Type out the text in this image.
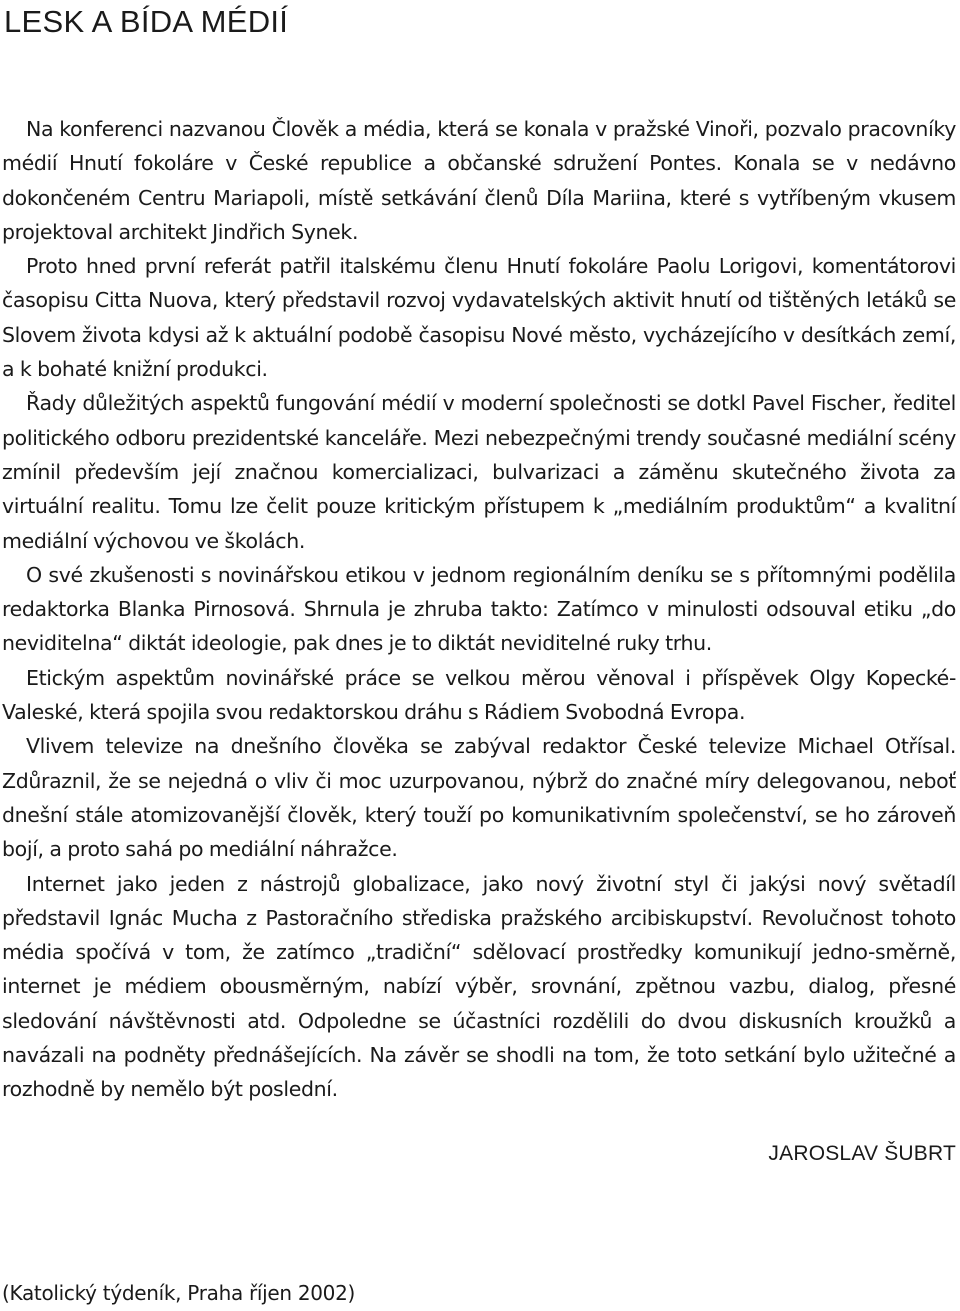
LESK A BÍDA MÉDIÍ

Na konferenci nazvanou Člověk a média, která se konala v pražské Vinoři, pozvalo pracovníky médií Hnutí fokoláre v České republice a občanské sdružení Pontes. Konala se v nedávno dokončeném Centru Mariapoli, místě setkávání členů Díla Mariina, které s vytříbeným vkusem projektoval architekt Jindřich Synek.

Proto hned první referát patřil italskému členu Hnutí fokoláre Paolu Lorigovi, komentátorovi časopisu Citta Nuova, který představil rozvoj vydavatelských aktivit hnutí od tištěných letáků se Slovem života kdysi až k aktuální podobě časopisu Nové město, vycházejícího v desítkách zemí, a k bohaté knižní produkci.

Řady důležitých aspektů fungování médií v moderní společnosti se dotkl Pavel Fischer, ředitel politického odboru prezidentské kanceláře. Mezi nebezpečnými trendy současné mediální scény zmínil především její značnou komercializaci, bulvarizaci a záměnu skutečného života za virtuální realitu. Tomu lze čelit pouze kritickým přístupem k „mediálním produktům“ a kvalitní mediální výchovou ve školách.

O své zkušenosti s novinářskou etikou v jednom regionálním deníku se s přítomnými podělila redaktorka Blanka Pirnosová. Shrnula je zhruba takto: Zatímco v minulosti odsouval etiku „do neviditelna“ diktát ideologie, pak dnes je to diktát neviditelné ruky trhu.

Etickým aspektům novinářské práce se velkou měrou věnoval i příspěvek Olgy Kopecké-Valeské, která spojila svou redaktorskou dráhu s Rádiem Svobodná Evropa.

Vlivem televize na dnešního člověka se zabýval redaktor České televize Michael Otřísal. Zdůraznil, že se nejedná o vliv či moc uzurpovanou, nýbrž do značné míry delegovanou, neboť dnešní stále atomizovanější člověk, který touží po komunikativním společenství, se ho zároveň bojí, a proto sahá po mediální náhražce.

Internet jako jeden z nástrojů globalizace, jako nový životní styl či jakýsi nový světadíl představil Ignác Mucha z Pastoračního střediska pražského arcibiskupství. Revolučnost tohoto média spočívá v tom, že zatímco „tradiční“ sdělovací prostředky komunikují jedno-směrně, internet je médiem obousměrným, nabízí výběr, srovnání, zpětnou vazbu, dialog, přesné sledování návštěvnosti atd. Odpoledne se účastníci rozdělili do dvou diskusních kroužků a navázali na podněty přednášejících. Na závěr se shodli na tom, že toto setkání bylo užitečné a rozhodně by nemělo být poslední.

JAROSLAV ŠUBRT

(Katolický týdeník, Praha říjen 2002)
